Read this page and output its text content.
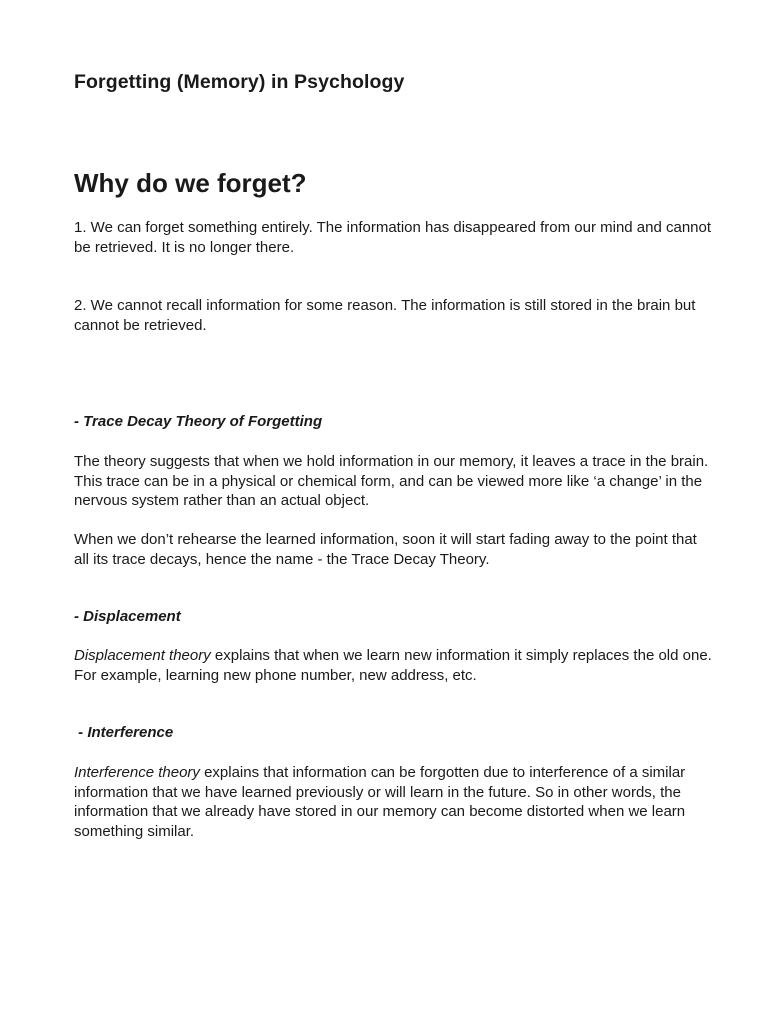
Forgetting (Memory) in Psychology
Why do we forget?

1. We can forget something entirely. The information has disappeared from our mind and cannot be retrieved. It is no longer there.

2. We cannot recall information for some reason. The information is still stored in the brain but cannot be retrieved.

- Trace Decay Theory of Forgetting

The theory suggests that when we hold information in our memory, it leaves a trace in the brain. This trace can be in a physical or chemical form, and can be viewed more like ‘a change’ in the nervous system rather than an actual object.

When we don’t rehearse the learned information, soon it will start fading away to the point that all its trace decays, hence the name - the Trace Decay Theory.

- Displacement

Displacement theory explains that when we learn new information it simply replaces the old one. For example, learning new phone number, new address, etc.

- Interference

Interference theory explains that information can be forgotten due to interference of a similar information that we have learned previously or will learn in the future. So in other words, the information that we already have stored in our memory can become distorted when we learn something similar.
